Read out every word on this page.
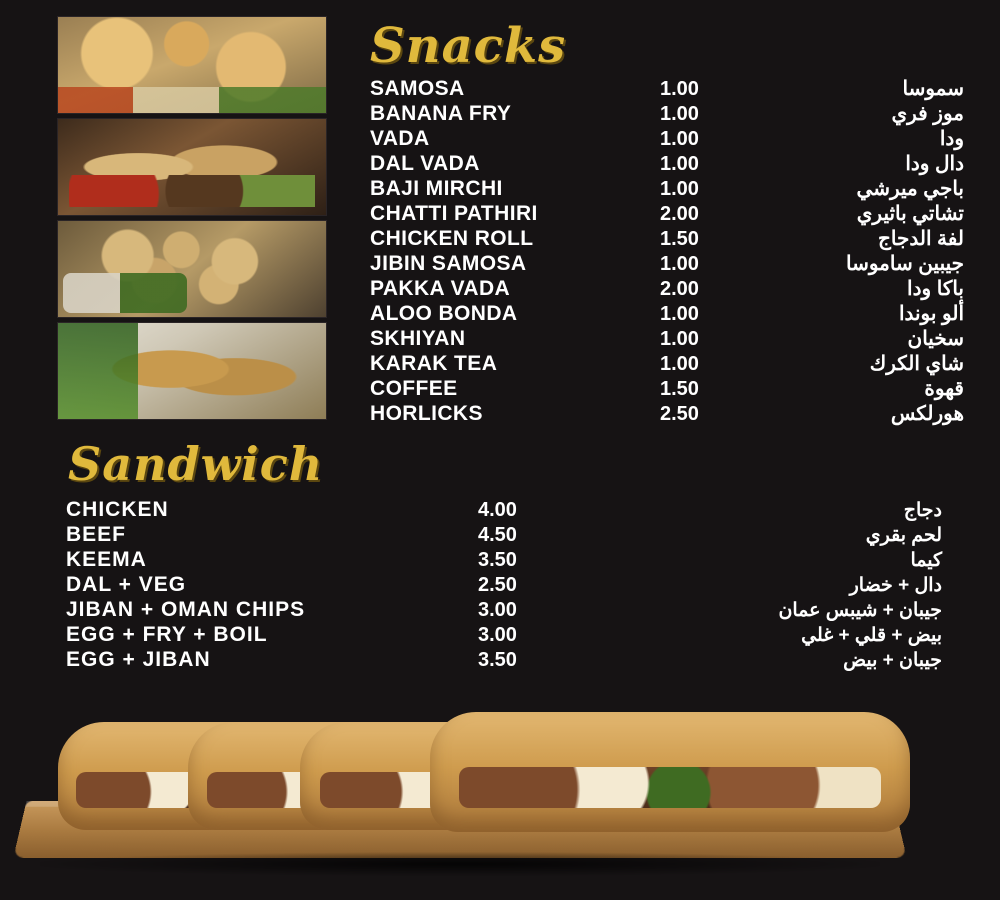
Snacks
SAMOSA	1.00	سموسا
BANANA FRY	1.00	موز فري
VADA	1.00	ودا
DAL VADA	1.00	دال ودا
BAJI MIRCHI	1.00	باجي ميرشي
CHATTI PATHIRI	2.00	تشاتي باثيري
CHICKEN ROLL	1.50	لفة الدجاج
JIBIN SAMOSA	1.00	جيبين ساموسا
PAKKA VADA	2.00	باكا ودا
ALOO BONDA	1.00	ألو بوندا
SKHIYAN	1.00	سخيان
KARAK TEA	1.00	شاي الكرك
COFFEE	1.50	قهوة
HORLICKS	2.50	هورلكس
Sandwich
CHICKEN	4.00	دجاج
BEEF	4.50	لحم بقري
KEEMA	3.50	كيما
DAL + VEG	2.50	دال + خضار
JIBAN + OMAN CHIPS	3.00	جيبان + شيبس عمان
EGG + FRY + BOIL	3.00	بيض + قلي + غلي
EGG + JIBAN	3.50	جيبان + بيض
